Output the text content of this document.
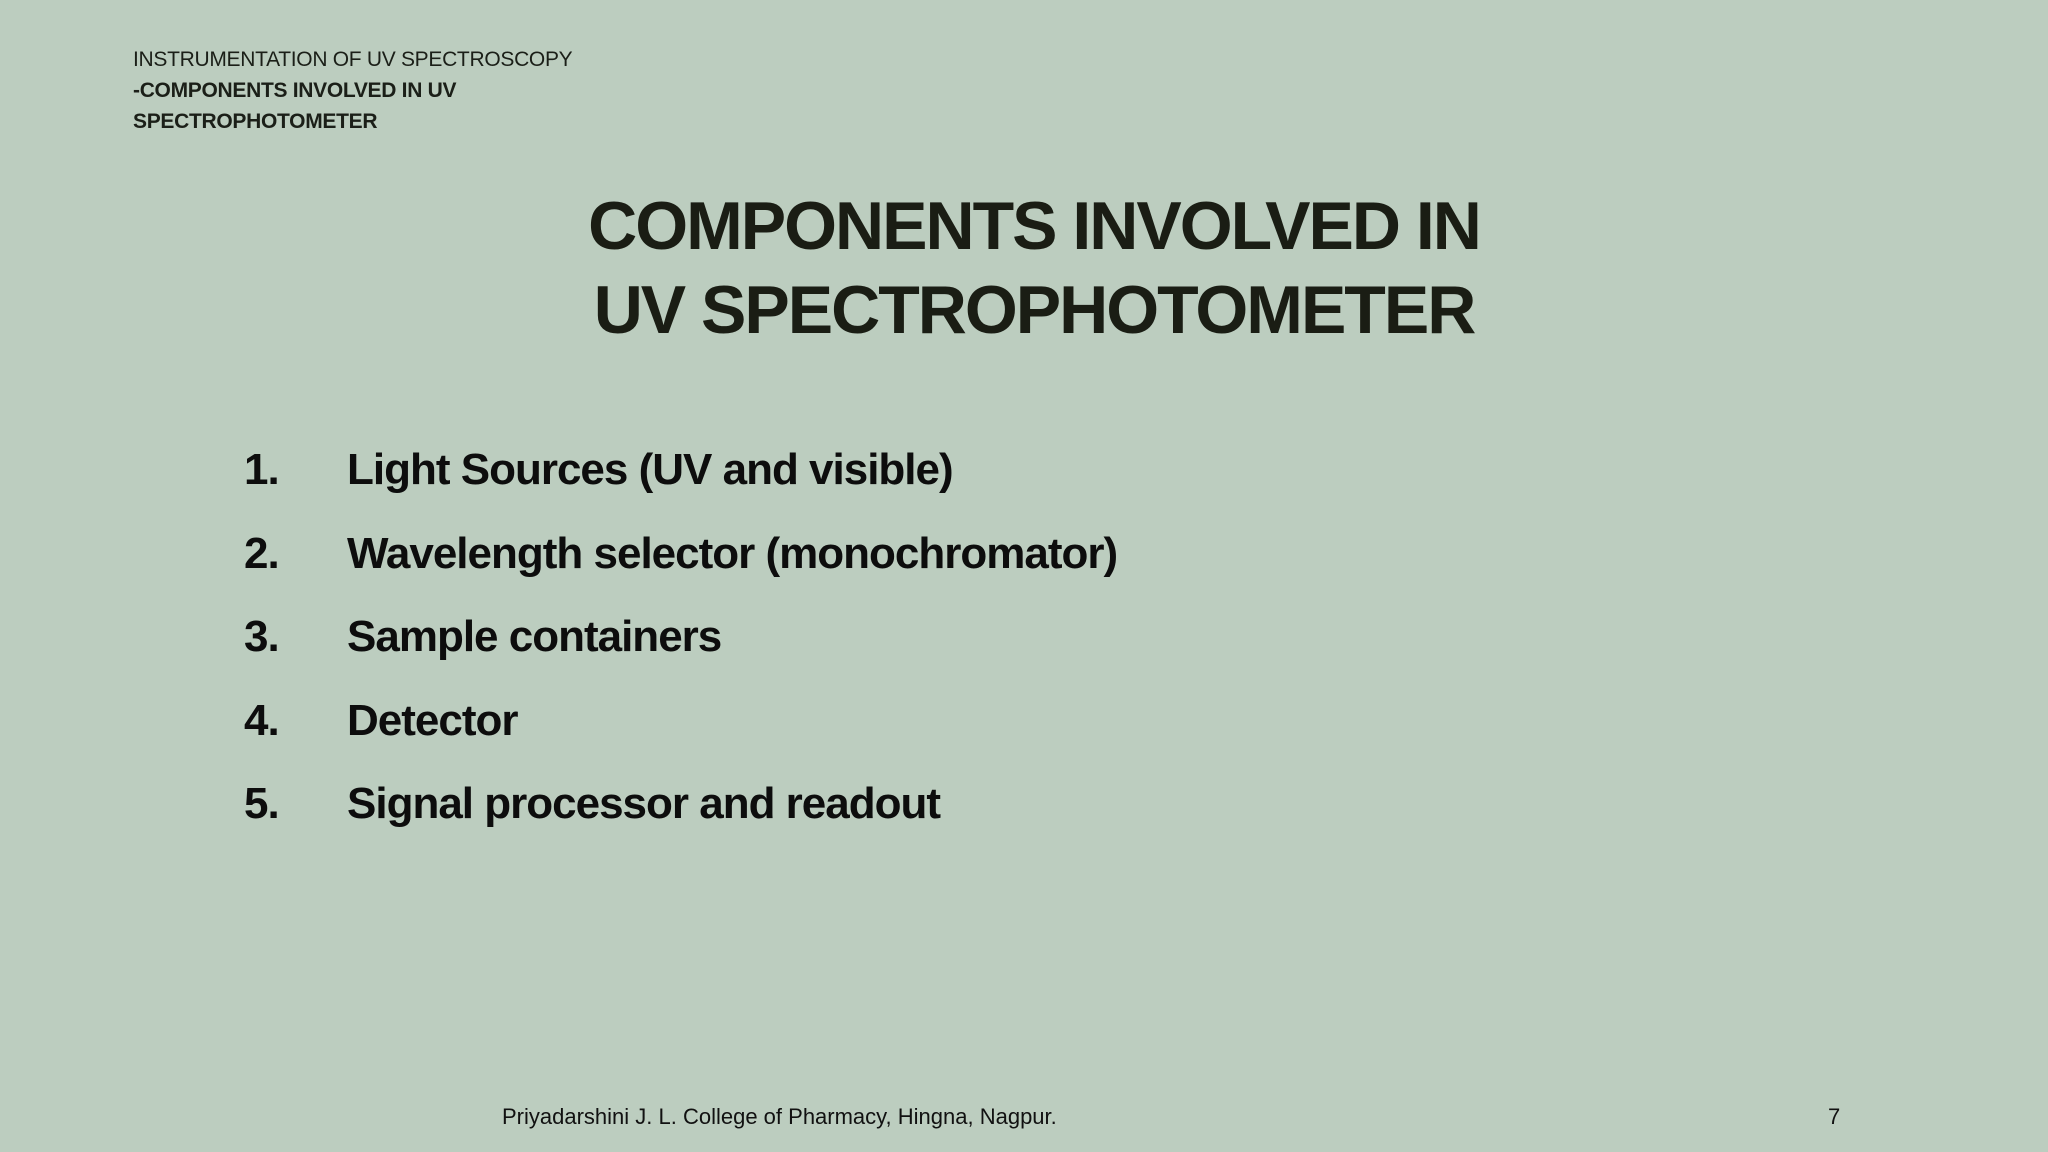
INSTRUMENTATION OF UV SPECTROSCOPY
-COMPONENTS INVOLVED IN UV
SPECTROPHOTOMETER
COMPONENTS INVOLVED IN
UV SPECTROPHOTOMETER
1.	Light Sources (UV and visible)
2.	Wavelength selector (monochromator)
3.	Sample containers
4.	Detector
5.	Signal processor and readout
Priyadarshini J. L. College of Pharmacy, Hingna, Nagpur.	7
